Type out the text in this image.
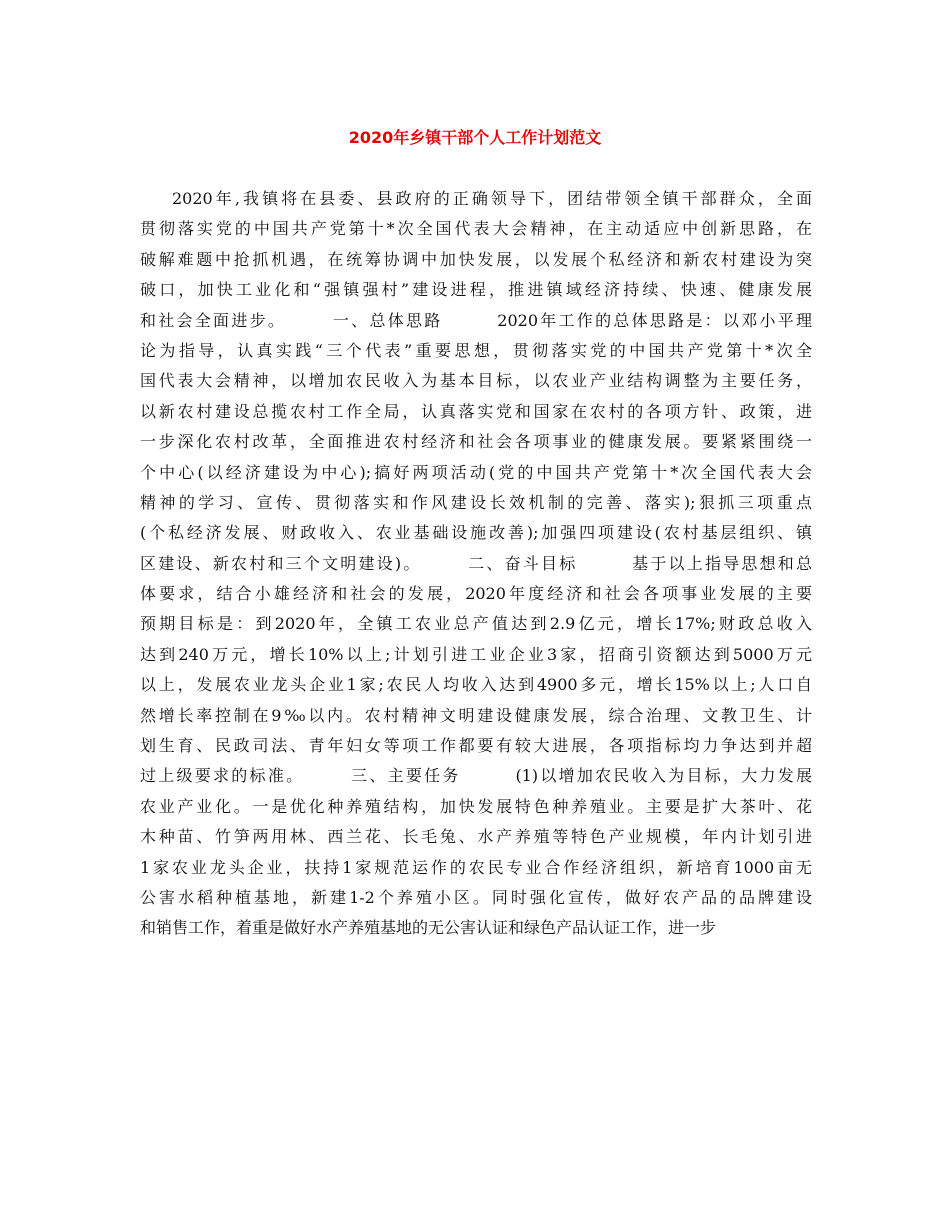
2020年乡镇干部个人工作计划范文
2020年,我镇将在县委、县政府的正确领导下，团结带领全镇干部群众，全面
贯彻落实党的中国共产党第十*次全国代表大会精神，在主动适应中创新思路，在
破解难题中抢抓机遇，在统筹协调中加快发展，以发展个私经济和新农村建设为突
破口，加快工业化和“强镇强村”建设进程，推进镇域经济持续、快速、健康发展
和社会全面进步。　　　一、总体思路　　　2020年工作的总体思路是：以邓小平理
论为指导，认真实践“三个代表”重要思想，贯彻落实党的中国共产党第十*次全
国代表大会精神，以增加农民收入为基本目标，以农业产业结构调整为主要任务，
以新农村建设总揽农村工作全局，认真落实党和国家在农村的各项方针、政策，进
一步深化农村改革，全面推进农村经济和社会各项事业的健康发展。要紧紧围绕一
个中心(以经济建设为中心);搞好两项活动(党的中国共产党第十*次全国代表大会
精神的学习、宣传、贯彻落实和作风建设长效机制的完善、落实);狠抓三项重点
(个私经济发展、财政收入、农业基础设施改善);加强四项建设(农村基层组织、镇
区建设、新农村和三个文明建设)。　　　二、奋斗目标　　　基于以上指导思想和总
体要求，结合小雄经济和社会的发展，2020年度经济和社会各项事业发展的主要
预期目标是：到2020年，全镇工农业总产值达到2.9亿元，增长17%;财政总收入
达到240万元，增长10%以上;计划引进工业企业3家，招商引资额达到5000万元
以上，发展农业龙头企业1家;农民人均收入达到4900多元，增长15%以上;人口自
然增长率控制在9‰以内。农村精神文明建设健康发展，综合治理、文教卫生、计
划生育、民政司法、青年妇女等项工作都要有较大进展，各项指标均力争达到并超
过上级要求的标准。　　　三、主要任务　　　(1)以增加农民收入为目标，大力发展
农业产业化。一是优化种养殖结构，加快发展特色种养殖业。主要是扩大茶叶、花
木种苗、竹笋两用林、西兰花、长毛兔、水产养殖等特色产业规模，年内计划引进
1家农业龙头企业，扶持1家规范运作的农民专业合作经济组织，新培育1000亩无
公害水稻种植基地，新建1-2个养殖小区。同时强化宣传，做好农产品的品牌建设
和销售工作，着重是做好水产养殖基地的无公害认证和绿色产品认证工作，进一步
